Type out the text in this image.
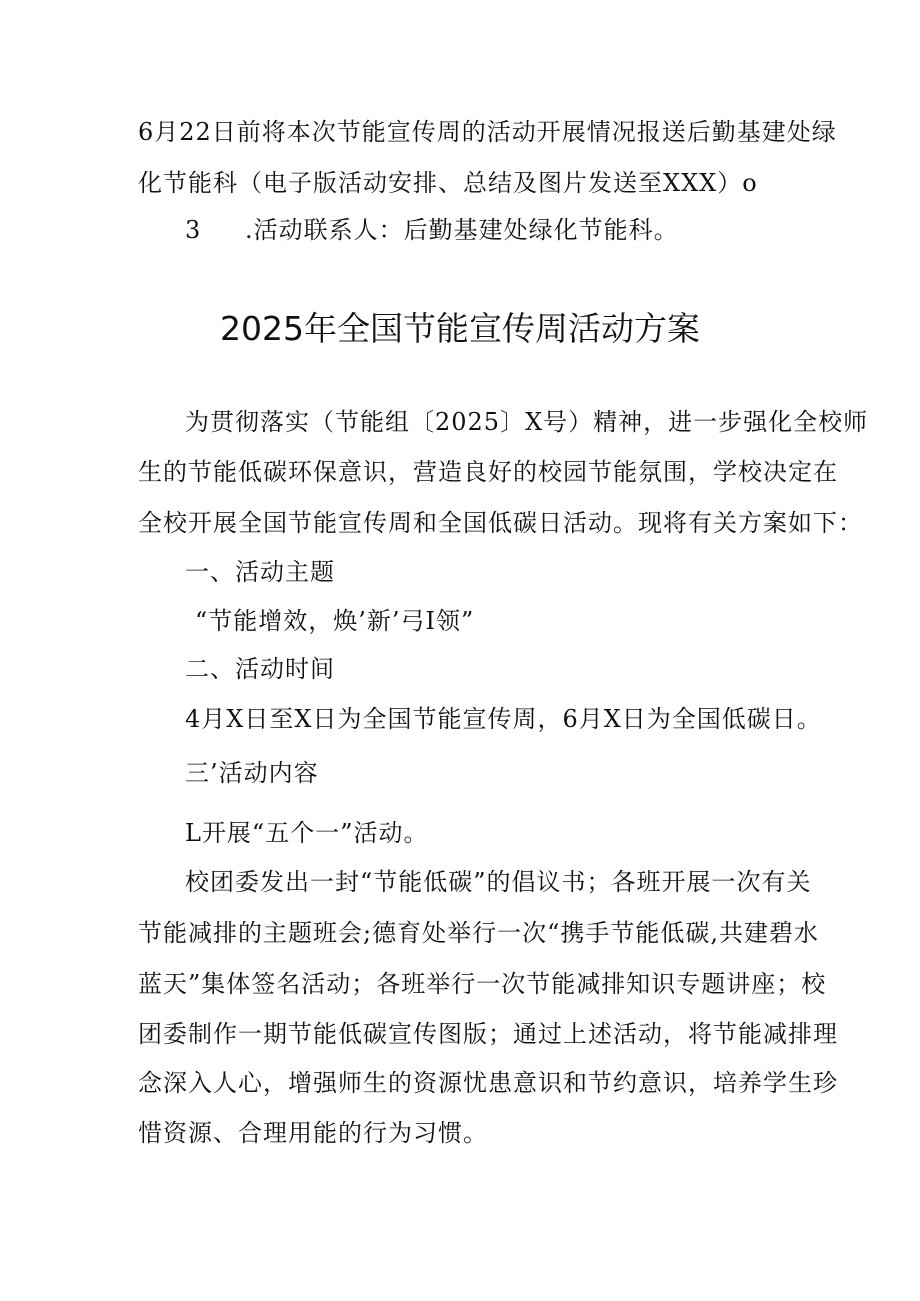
6月22日前将本次节能宣传周的活动开展情况报送后勤基建处绿
化节能科（电子版活动安排、总结及图片发送至XXX）o
3 .活动联系人：后勤基建处绿化节能科。
2025年全国节能宣传周活动方案
为贯彻落实（节能组〔2025〕X号）精神，进一步强化全校师
生的节能低碳环保意识，营造良好的校园节能氛围，学校决定在
全校开展全国节能宣传周和全国低碳日活动。现将有关方案如下：
一、活动主题
“节能增效，焕’新’弓I领”
二、活动时间
4月X日至X日为全国节能宣传周，6月X日为全国低碳日。
三’活动内容
L开展“五个一”活动。
校团委发出一封“节能低碳”的倡议书；各班开展一次有关
节能减排的主题班会;德育处举行一次“携手节能低碳,共建碧水
蓝天”集体签名活动；各班举行一次节能减排知识专题讲座；校
团委制作一期节能低碳宣传图版；通过上述活动，将节能减排理
念深入人心，增强师生的资源忧患意识和节约意识，培养学生珍
惜资源、合理用能的行为习惯。
